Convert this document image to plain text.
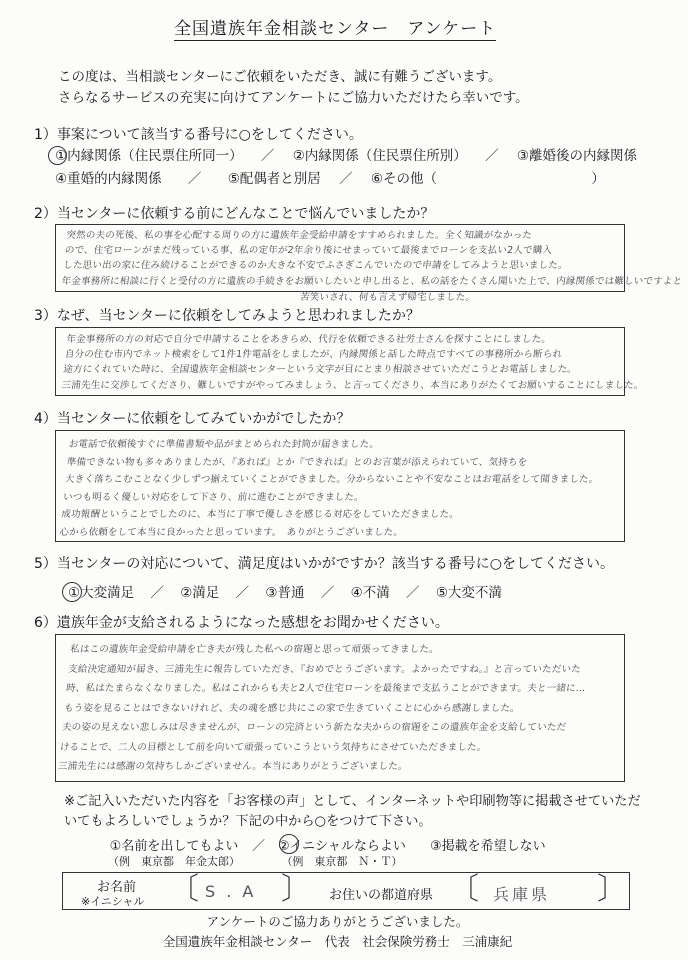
全国遺族年金相談センター　アンケート
この度は、当相談センターにご依頼をいただき、誠に有難うございます。
さらなるサービスの充実に向けてアンケートにご協力いただけたら幸いです。
1）事案について該当する番号に○をしてください。
①内縁関係（住民票住所同一） ／ ②内縁関係（住民票住所別） ／ ③離婚後の内縁関係
④重婚的内縁関係 ／ ⑤配偶者と別居 ／ ⑥その他（	）
2）当センターに依頼する前にどんなことで悩んでいましたか？
突然の夫の死後、私の事を心配する周りの方に遺族年金受給申請をすすめられました。全く知識がなかった
ので、住宅ローンがまだ残っている事、私の定年が2年余り後にせまっていて最後までローンを支払い2人で購入
した思い出の家に住み続けることができるのか大きな不安でふさぎこんでいたので申請をしてみようと思いました。
年金事務所に相談に行くと受付の方に遺族の手続きをお願いしたいと申し出ると、私の話をたくさん聞いた上で、内縁関係では難しいですよと
苦笑いされ、何も言えず帰宅しました。
3）なぜ、当センターに依頼をしてみようと思われましたか？
年金事務所の方の対応で自分で申請することをあきらめ、代行を依頼できる社労士さんを探すことにしました。
自分の住む市内でネット検索をして1件1件電話をしましたが、内縁関係と話した時点ですべての事務所から断られ
途方にくれていた時に、全国遺族年金相談センターという文字が目にとまり相談させていただこうとお電話しました。
三浦先生に交渉してくださり、難しいですがやってみましょう、と言ってくださり、本当にありがたくてお願いすることにしました。
4）当センターに依頼をしてみていかがでしたか？
お電話で依頼後すぐに準備書類や品がまとめられた封筒が届きました。
準備できない物も多々ありましたが、『あれば』とか『できれば』とのお言葉が添えられていて、気持ちを
大きく落ちこむことなく少しずつ揃えていくことができました。分からないことや不安なことはお電話をして聞きました。
いつも明るく優しい対応をして下さり、前に進むことができました。
成功報酬ということでしたのに、本当に丁寧で優しさを感じる対応をしていただきました。
心から依頼をして本当に良かったと思っています。　ありがとうございました。
5）当センターの対応について、満足度はいかがですか？該当する番号に○をしてください。
①大変満足 ／ ②満足 ／ ③普通 ／ ④不満 ／ ⑤大変不満
6）遺族年金が支給されるようになった感想をお聞かせください。
私はこの遺族年金受給申請を亡き夫が残した私への宿題と思って頑張ってきました。
支給決定通知が届き、三浦先生に報告していただき、『おめでとうございます。よかったですね。』と言っていただいた
時、私はたまらなくなりました。私はこれからも夫と2人で住宅ローンを最後まで支払うことができます。夫と一緒に…
もう姿を見ることはできないけれど、夫の魂を感じ共にこの家で生きていくことに心から感謝しました。
夫の姿の見えない悲しみは尽きませんが、ローンの完済という新たな夫からの宿題をこの遺族年金を支給していただ
けることで、二人の目標として前を向いて頑張っていこうという気持ちにさせていただきました。
三浦先生には感謝の気持ちしかございません。本当にありがとうございました。
※ご記入いただいた内容を「お客様の声」として、インターネットや印刷物等に掲載させていただいてもよろしいでしょうか？下記の中から○をつけて下さい。
①名前を出してもよい
（例　東京都　年金太郎）
／ ②イニシャルならよい
（例　東京都　Ｎ・Ｔ）
③掲載を希望しない
お名前
※イニシャル 〔 S . A 〕 お住いの都道府県 〔 兵庫県 〕
アンケートのご協力ありがとうございました。
全国遺族年金相談センター　代表　社会保険労務士　三浦康紀
